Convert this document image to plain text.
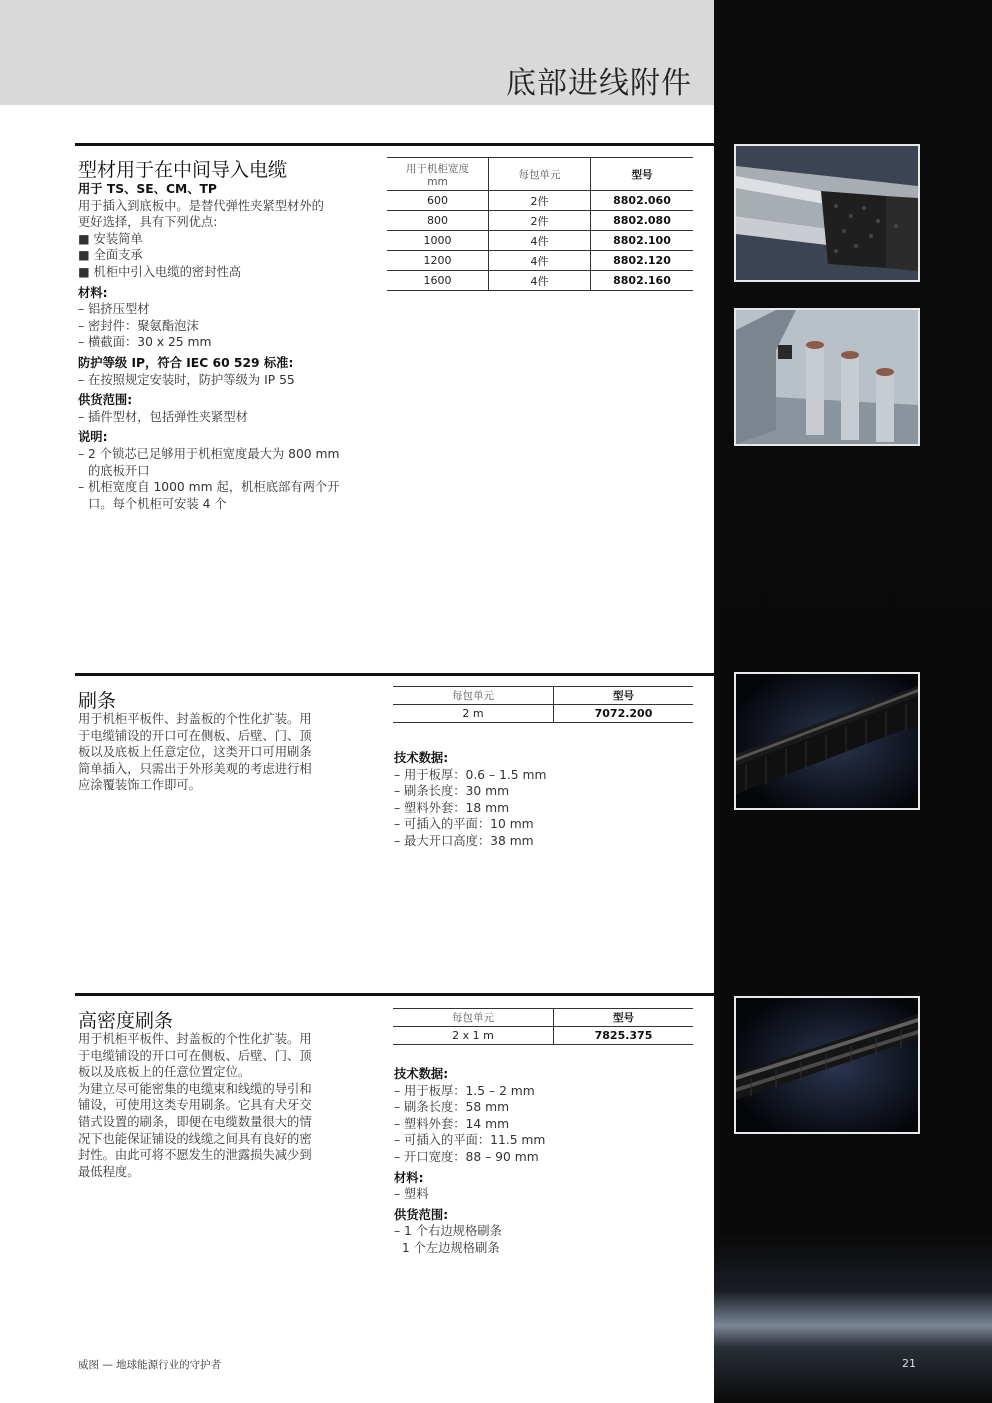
底部进线附件
型材用于在中间导入电缆

用于 TS、SE、CM、TP

用于插入到底板中。是替代弹性夹紧型材外的

更好选择，具有下列优点:

■ 安装简单

■ 全面支承

■ 机柜中引入电缆的密封性高

材料:

– 铝挤压型材

– 密封件：聚氨酯泡沫

– 横截面：30 x 25 mm

防护等级 IP，符合 IEC 60 529 标准:

– 在按照规定安装时，防护等级为 IP 55

供货范围:

– 插件型材，包括弹性夹紧型材

说明:

– 2 个锁芯已足够用于机柜宽度最大为 800 mm

的底板开口

– 机柜宽度自 1000 mm 起，机柜底部有两个开

口。每个机柜可安装 4 个

用于机柜宽度
mm	每包单元	型号
600	2件	8802.060
800	2件	8802.080
1000	4件	8802.100
1200	4件	8802.120
1600	4件	8802.160
刷条

用于机柜平板件、封盖板的个性化扩装。用

于电缆铺设的开口可在侧板、后壁、门、顶

板以及底板上任意定位，这类开口可用刷条

简单插入，只需出于外形美观的考虑进行相

应涂覆装饰工作即可。

每包单元	型号
2 m	7072.200

技术数据:

– 用于板厚：0.6 – 1.5 mm

– 刷条长度：30 mm

– 塑料外套：18 mm

– 可插入的平面：10 mm

– 最大开口高度：38 mm

高密度刷条

用于机柜平板件、封盖板的个性化扩装。用

于电缆铺设的开口可在侧板、后壁、门、顶

板以及底板上的任意位置定位。

为建立尽可能密集的电缆束和线缆的导引和

铺设，可使用这类专用刷条。它具有犬牙交

错式设置的刷条，即便在电缆数量很大的情

况下也能保证铺设的线缆之间具有良好的密

封性。由此可将不愿发生的泄露损失减少到

最低程度。

每包单元	型号
2 x 1 m	7825.375

技术数据:

– 用于板厚：1.5 – 2 mm

– 刷条长度：58 mm

– 塑料外套：14 mm

– 可插入的平面：11.5 mm

– 开口宽度：88 – 90 mm

材料:

– 塑料

供货范围:

– 1 个右边规格刷条

1 个左边规格刷条

威图 — 地球能源行业的守护者	21
